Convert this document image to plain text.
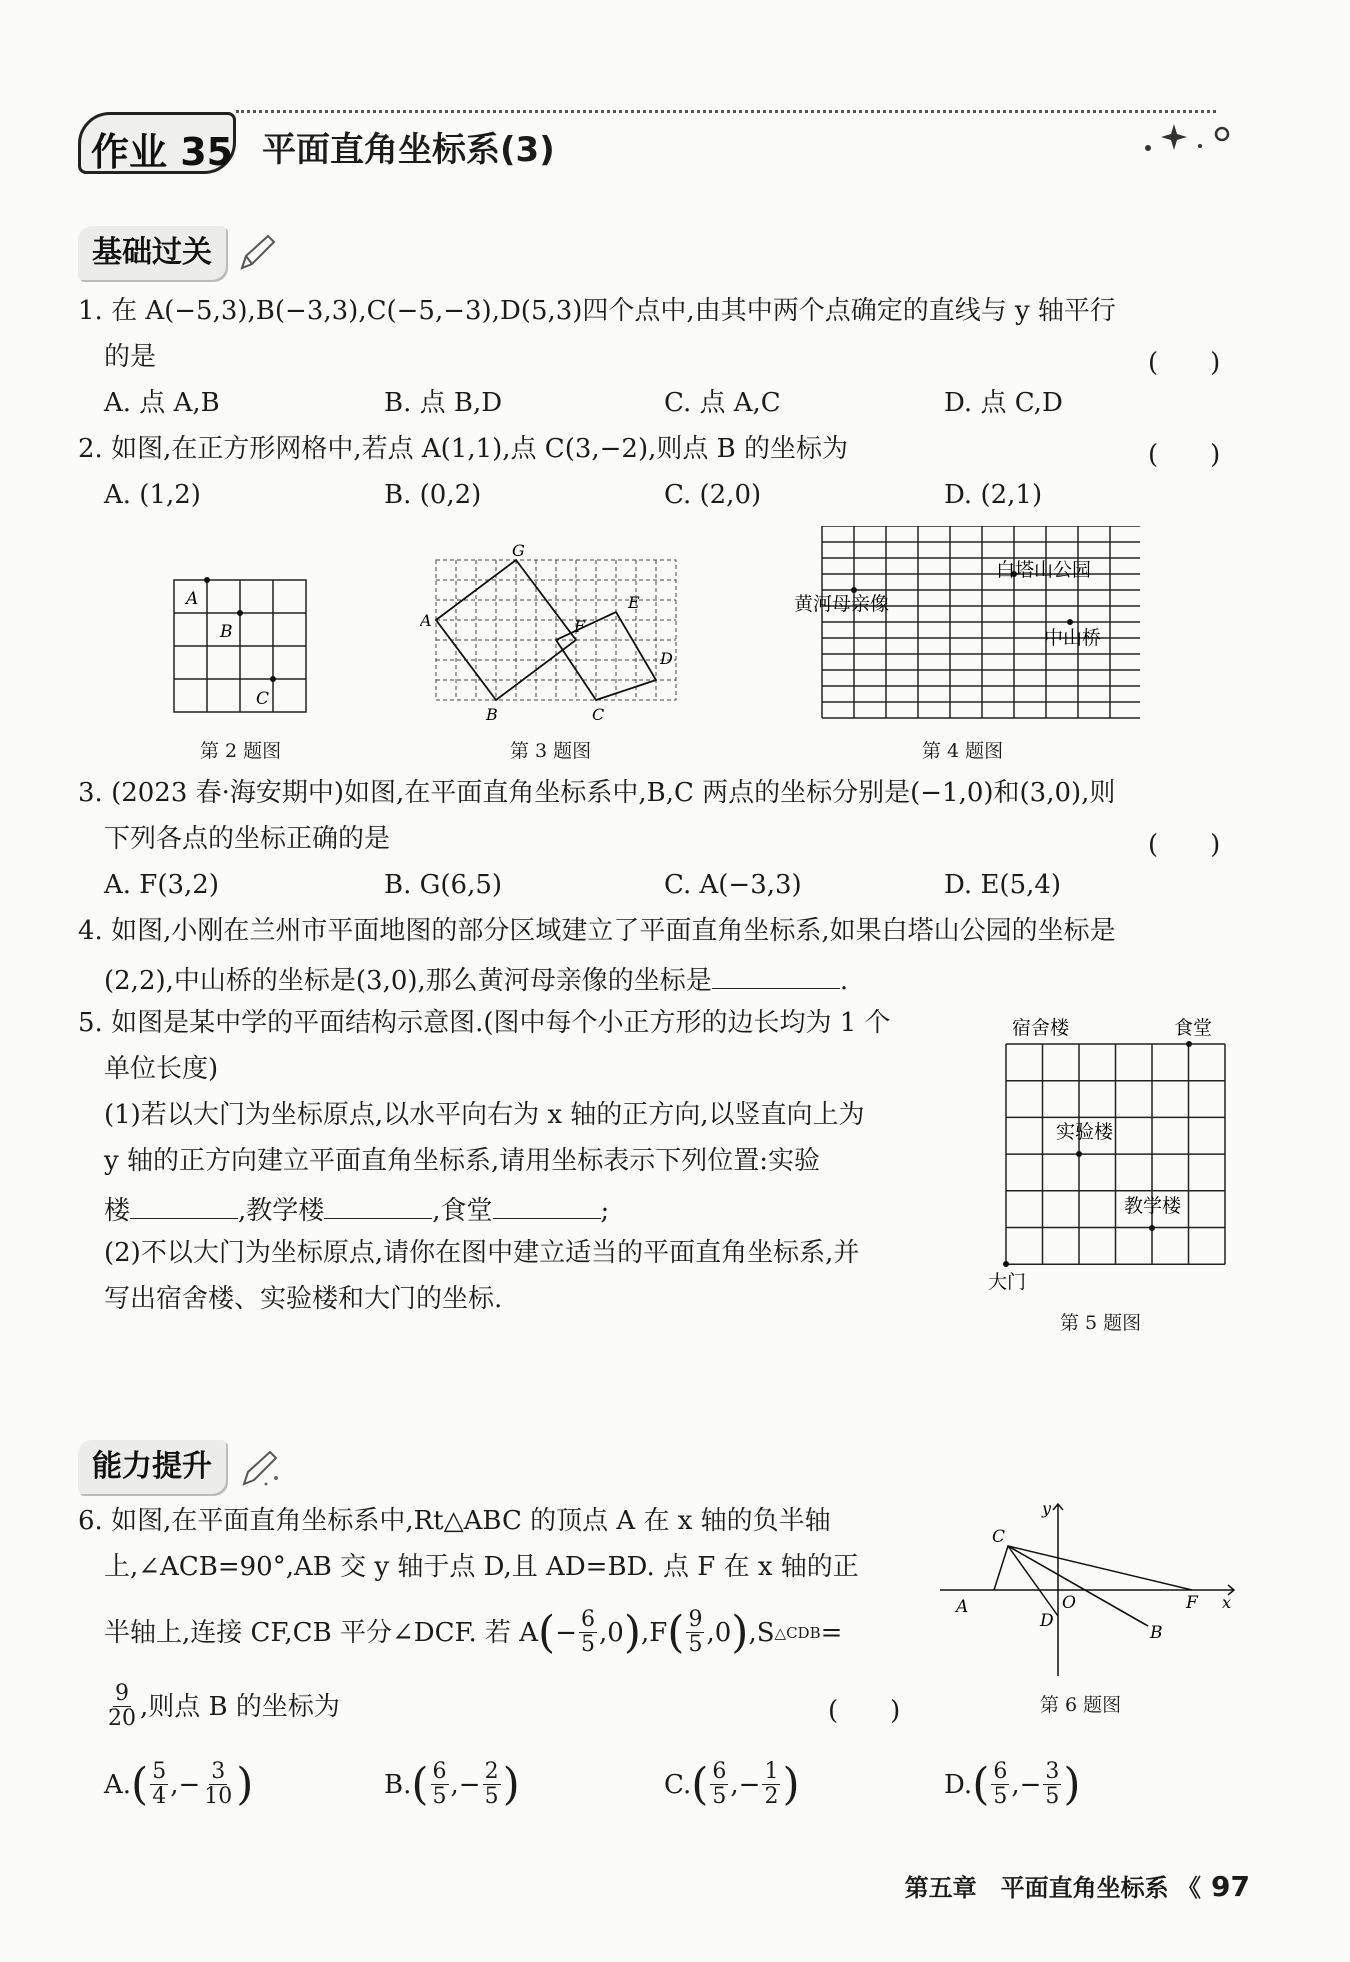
作业 35 平面直角坐标系(3)
基础过关
1. 在 A(−5,3),B(−3,3),C(−5,−3),D(5,3)四个点中,由其中两个点确定的直线与 y 轴平行
的是	(　　)
A. 点 A,B	B. 点 B,D	C. 点 A,C	D. 点 C,D
2. 如图,在正方形网格中,若点 A(1,1),点 C(3,−2),则点 B 的坐标为	(　　)
A. (1,2)	B. (0,2)	C. (2,0)	D. (2,1)
A
B
C
第 2 题图
G
A
E
F
D
B	C
第 3 题图
白塔山公园
黄河母亲像
中山桥
第 4 题图
3. (2023 春·海安期中)如图,在平面直角坐标系中,B,C 两点的坐标分别是(−1,0)和(3,0),则
下列各点的坐标正确的是	(　　)
A. F(3,2)	B. G(6,5)	C. A(−3,3)	D. E(5,4)
4. 如图,小刚在兰州市平面地图的部分区域建立了平面直角坐标系,如果白塔山公园的坐标是
(2,2),中山桥的坐标是(3,0),那么黄河母亲像的坐标是	.
5. 如图是某中学的平面结构示意图.(图中每个小正方形的边长均为 1 个
单位长度)
(1)若以大门为坐标原点,以水平向右为 x 轴的正方向,以竖直向上为
y 轴的正方向建立平面直角坐标系,请用坐标表示下列位置:实验
楼	,教学楼	,食堂	;
(2)不以大门为坐标原点,请你在图中建立适当的平面直角坐标系,并
写出宿舍楼、实验楼和大门的坐标.
宿舍楼	食堂
实验楼
教学楼
大门
第 5 题图
能力提升
6. 如图,在平面直角坐标系中,Rt△ABC 的顶点 A 在 x 轴的负半轴
上,∠ACB=90°,AB 交 y 轴于点 D,且 AD=BD. 点 F 在 x 轴的正
半轴上,连接 CF,CB 平分∠DCF. 若 A ( − $\frac{6}{5} ,0$ ) ,F ( $\frac{9}{5} ,0$ ) ,S △CDB =
$\frac{9}{20}$ ,则点 B 的坐标为	(　　)
A. ( $\frac{5}{4}$ ,− $\frac{3}{10}$ )	B. ( $\frac{6}{5}$ ,− $\frac{2}{5}$ )	C. ( $\frac{6}{5}$ ,− $\frac{1}{2}$ )	D. ( $\frac{6}{5}$ ,− $\frac{3}{5}$ )
y
C
A	O	F x
D
B
第 6 题图
第五章　平面直角坐标系 《 97
